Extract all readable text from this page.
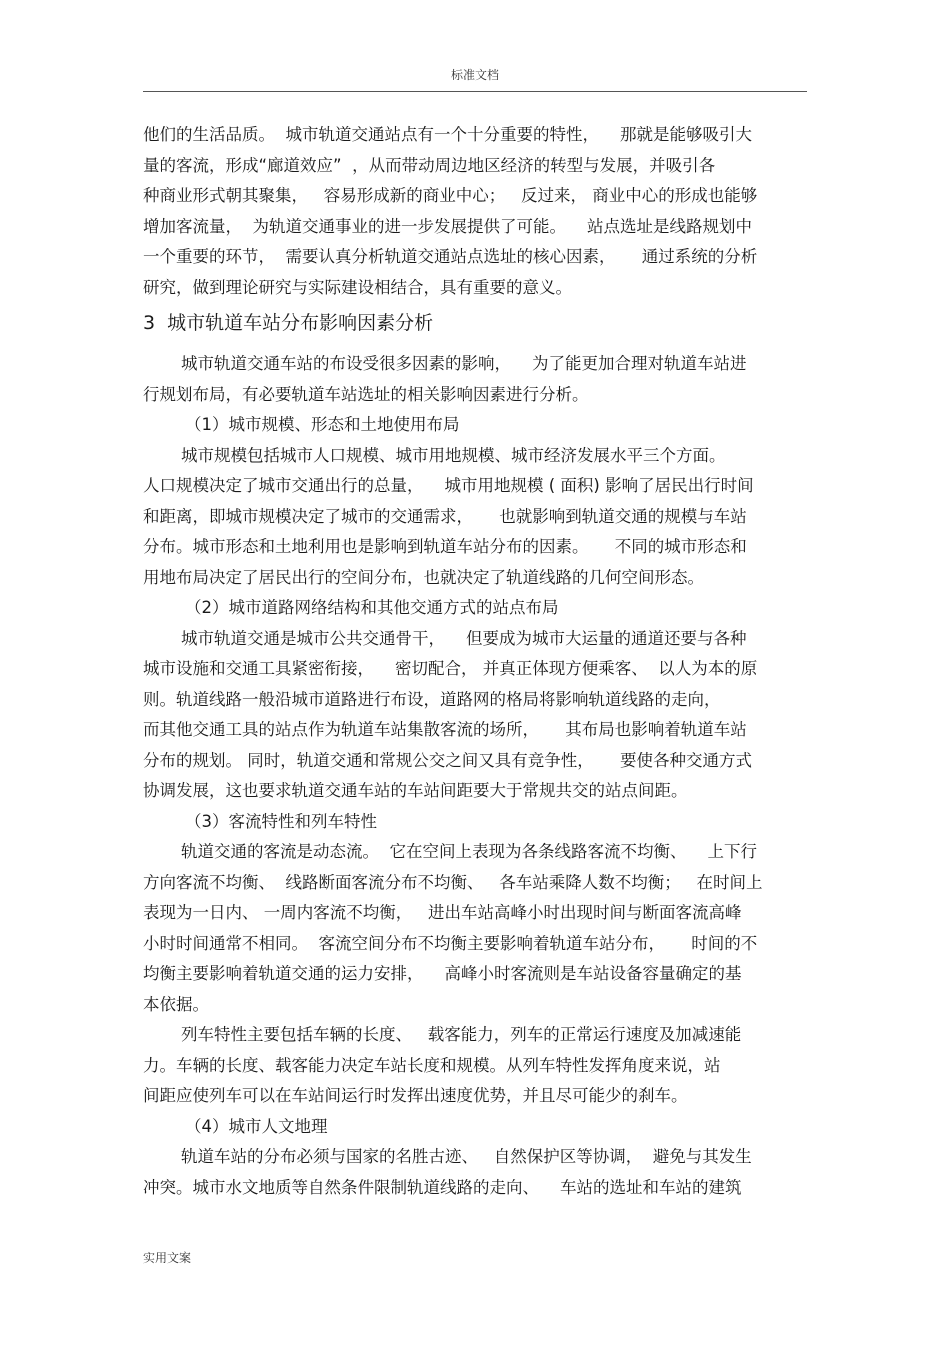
标准文档
他们的生活品质。  城市轨道交通站点有一个十分重要的特性，    那就是能够吸引大
量的客流，形成“廊道效应”  ，从而带动周边地区经济的转型与发展，并吸引各
种商业形式朝其聚集，   容易形成新的商业中心；   反过来， 商业中心的形成也能够
增加客流量，  为轨道交通事业的进一步发展提供了可能。    站点选址是线路规划中
一个重要的环节，  需要认真分析轨道交通站点选址的核心因素，     通过系统的分析
研究，做到理论研究与实际建设相结合，具有重要的意义。
3  城市轨道车站分布影响因素分析
城市轨道交通车站的布设受很多因素的影响，    为了能更加合理对轨道车站进
行规划布局，有必要轨道车站选址的相关影响因素进行分析。
（1）城市规模、形态和土地使用布局
城市规模包括城市人口规模、城市用地规模、城市经济发展水平三个方面。
人口规模决定了城市交通出行的总量，    城市用地规模 ( 面积) 影响了居民出行时间
和距离，即城市规模决定了城市的交通需求，     也就影响到轨道交通的规模与车站
分布。城市形态和土地利用也是影响到轨道车站分布的因素。     不同的城市形态和
用地布局决定了居民出行的空间分布，也就决定了轨道线路的几何空间形态。
（2）城市道路网络结构和其他交通方式的站点布局
城市轨道交通是城市公共交通骨干，    但要成为城市大运量的通道还要与各种
城市设施和交通工具紧密衔接，    密切配合， 并真正体现方便乘客、  以人为本的原
则。轨道线路一般沿城市道路进行布设，道路网的格局将影响轨道线路的走向，
而其他交通工具的站点作为轨道车站集散客流的场所，     其布局也影响着轨道车站
分布的规划。 同时，轨道交通和常规公交之间又具有竞争性，     要使各种交通方式
协调发展，这也要求轨道交通车站的车站间距要大于常规共交的站点间距。
（3）客流特性和列车特性
轨道交通的客流是动态流。  它在空间上表现为各条线路客流不均衡、    上下行
方向客流不均衡、  线路断面客流分布不均衡、   各车站乘降人数不均衡；   在时间上
表现为一日内、 一周内客流不均衡，   进出车站高峰小时出现时间与断面客流高峰
小时时间通常不相同。  客流空间分布不均衡主要影响着轨道车站分布，     时间的不
均衡主要影响着轨道交通的运力安排，    高峰小时客流则是车站设备容量确定的基
本依据。
列车特性主要包括车辆的长度、   载客能力，列车的正常运行速度及加减速能
力。车辆的长度、载客能力决定车站长度和规模。从列车特性发挥角度来说，站
间距应使列车可以在车站间运行时发挥出速度优势，并且尽可能少的刹车。
（4）城市人文地理
轨道车站的分布必须与国家的名胜古迹、   自然保护区等协调，  避免与其发生
冲突。城市水文地质等自然条件限制轨道线路的走向、    车站的选址和车站的建筑
实用文案
